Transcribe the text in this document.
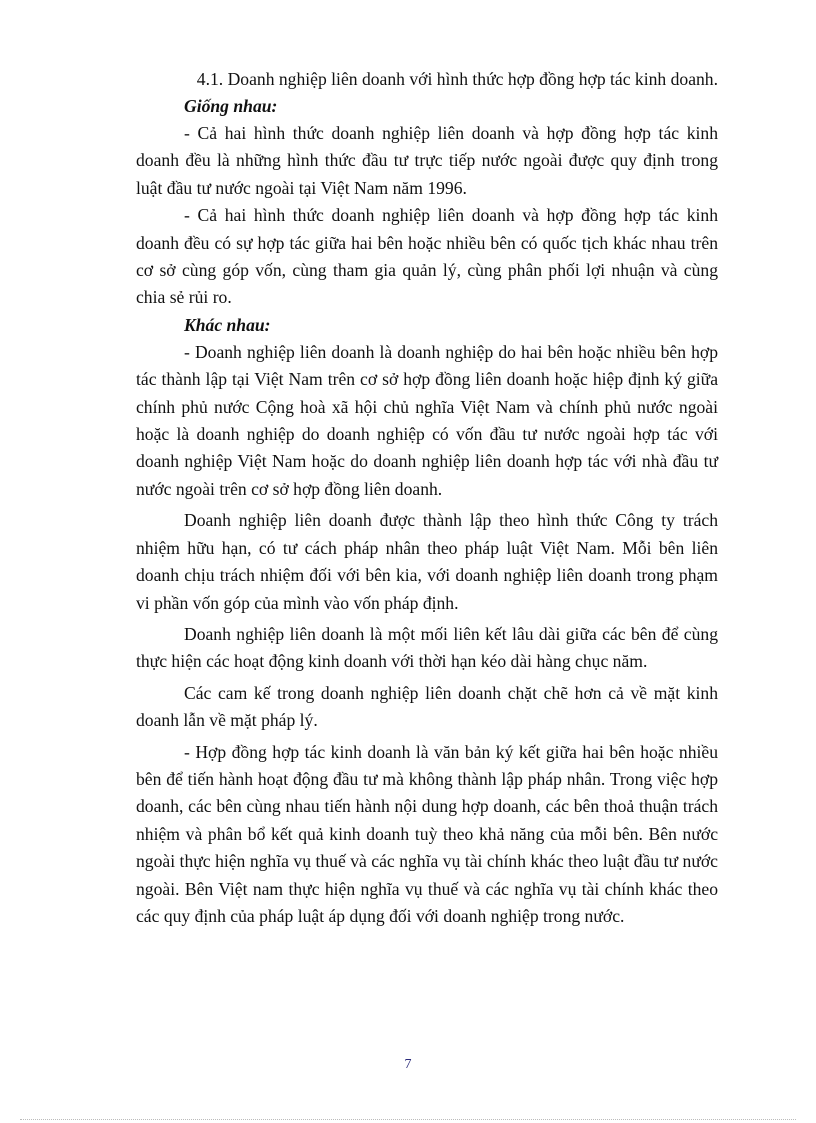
4.1. Doanh nghiệp liên doanh với hình thức hợp đồng hợp tác kinh doanh.

Giống nhau:

- Cả hai hình thức doanh nghiệp liên doanh và hợp đồng hợp tác kinh doanh đều là những hình thức đầu tư trực tiếp nước ngoài được quy định trong luật đầu tư nước ngoài tại Việt Nam năm 1996.

- Cả hai hình thức doanh nghiệp liên doanh và hợp đồng hợp tác kinh doanh đều có sự hợp tác giữa hai bên hoặc nhiều bên có quốc tịch khác nhau trên cơ sở cùng góp vốn, cùng tham gia quản lý, cùng phân phối lợi nhuận và cùng chia sẻ rủi ro.

Khác nhau:

- Doanh nghiệp liên doanh là doanh nghiệp do hai bên hoặc nhiều bên hợp tác thành lập tại Việt Nam trên cơ sở hợp đồng liên doanh hoặc hiệp định ký giữa chính phủ nước Cộng hoà xã hội chủ nghĩa Việt Nam và chính phủ nước ngoài hoặc là doanh nghiệp do doanh nghiệp có vốn đầu tư nước ngoài hợp tác với doanh nghiệp Việt Nam hoặc do doanh nghiệp liên doanh hợp tác với nhà đầu tư nước ngoài trên cơ sở hợp đồng liên doanh.

Doanh nghiệp liên doanh được thành lập theo hình thức Công ty trách nhiệm hữu hạn, có tư cách pháp nhân theo pháp luật Việt Nam. Mỗi bên liên doanh chịu trách nhiệm đối với bên kia, với doanh nghiệp liên doanh trong phạm vi phần vốn góp của mình vào vốn pháp định.

Doanh nghiệp liên doanh là một mối liên kết lâu dài giữa các bên để cùng thực hiện các hoạt động kinh doanh với thời hạn kéo dài hàng chục năm.

Các cam kế trong doanh nghiệp liên doanh chặt chẽ hơn cả về mặt kinh doanh lẫn về mặt pháp lý.

- Hợp đồng hợp tác kinh doanh là văn bản ký kết giữa hai bên hoặc nhiều bên để tiến hành hoạt động đầu tư mà không thành lập pháp nhân. Trong việc hợp doanh, các bên cùng nhau tiến hành nội dung hợp doanh, các bên thoả thuận trách nhiệm và phân bổ kết quả kinh doanh tuỳ theo khả năng của mỗi bên. Bên nước ngoài thực hiện nghĩa vụ thuế và các nghĩa vụ tài chính khác theo luật đầu tư nước ngoài. Bên Việt nam thực hiện nghĩa vụ thuế và các nghĩa vụ tài chính khác theo các quy định của pháp luật áp dụng đối với doanh nghiệp trong nước.

7
